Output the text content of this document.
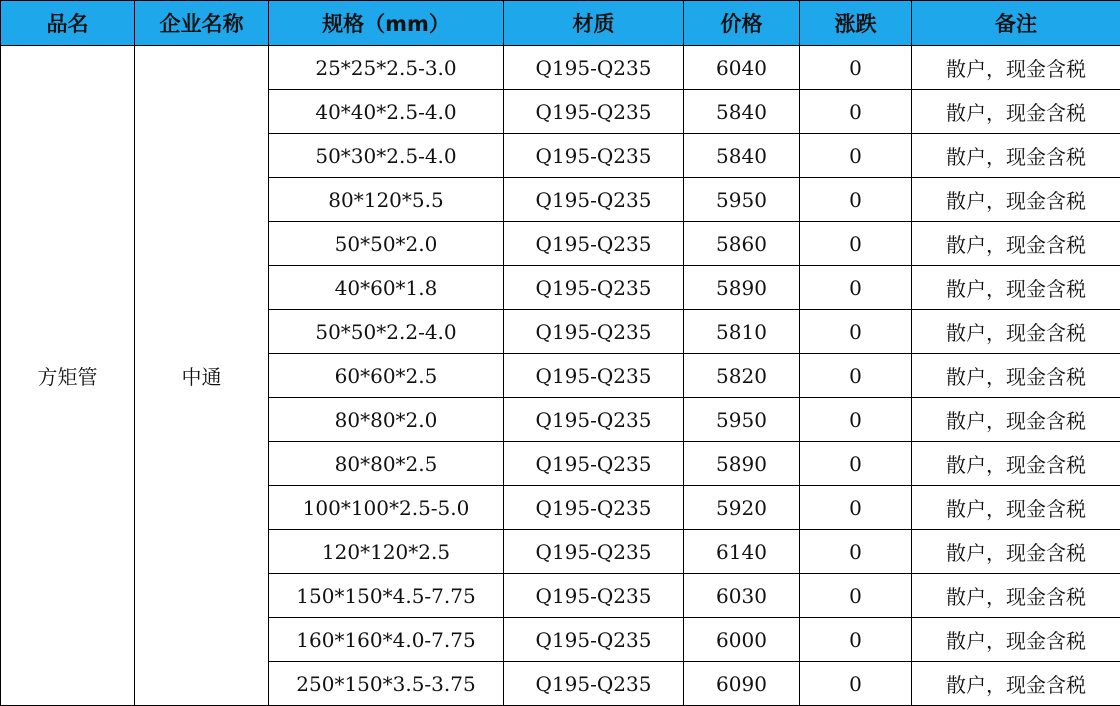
品名	企业名称	规格（mm）	材质	价格	涨跌	备注
方矩管	中通	25*25*2.5-3.0	Q195-Q235	6040	0	散户，现金含税
		40*40*2.5-4.0	Q195-Q235	5840	0	散户，现金含税
		50*30*2.5-4.0	Q195-Q235	5840	0	散户，现金含税
		80*120*5.5	Q195-Q235	5950	0	散户，现金含税
		50*50*2.0	Q195-Q235	5860	0	散户，现金含税
		40*60*1.8	Q195-Q235	5890	0	散户，现金含税
		50*50*2.2-4.0	Q195-Q235	5810	0	散户，现金含税
		60*60*2.5	Q195-Q235	5820	0	散户，现金含税
		80*80*2.0	Q195-Q235	5950	0	散户，现金含税
		80*80*2.5	Q195-Q235	5890	0	散户，现金含税
		100*100*2.5-5.0	Q195-Q235	5920	0	散户，现金含税
		120*120*2.5	Q195-Q235	6140	0	散户，现金含税
		150*150*4.5-7.75	Q195-Q235	6030	0	散户，现金含税
		160*160*4.0-7.75	Q195-Q235	6000	0	散户，现金含税
		250*150*3.5-3.75	Q195-Q235	6090	0	散户，现金含税
